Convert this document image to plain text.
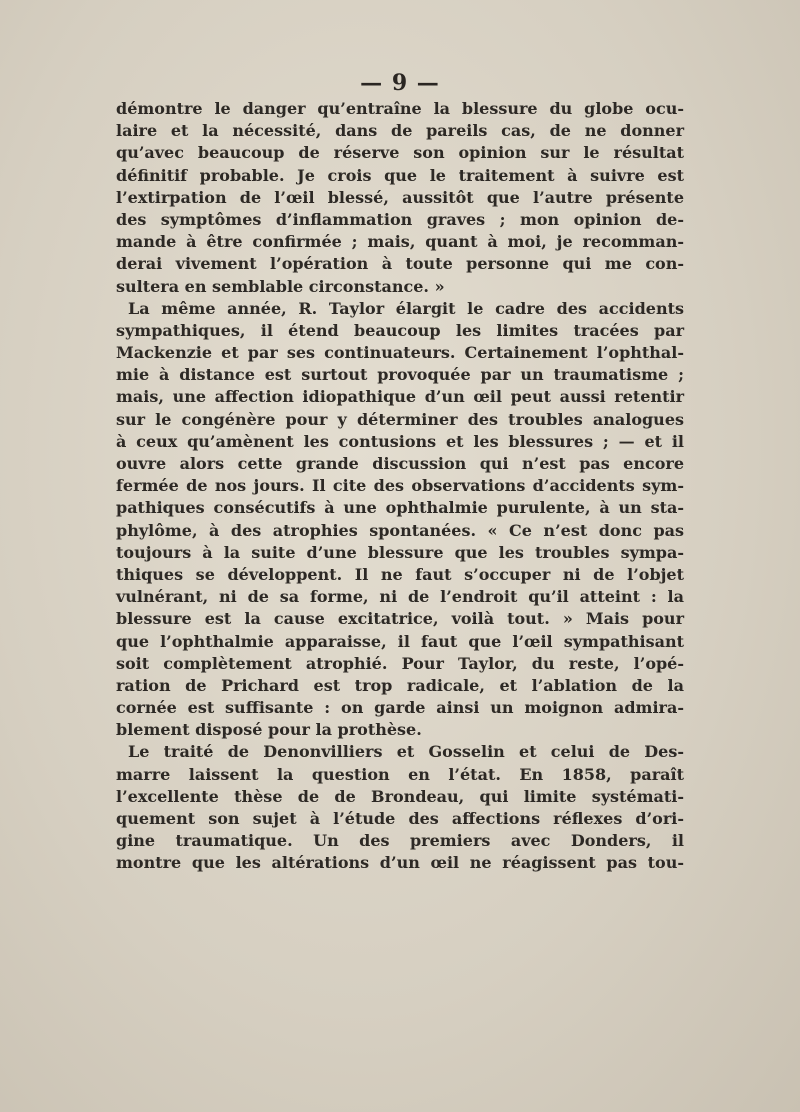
— 9 —
démontre le danger qu’entraîne la blessure du globe ocu-
laire et la nécessité, dans de pareils cas, de ne donner
qu’avec beaucoup de réserve son opinion sur le résultat
définitif probable. Je crois que le traitement à suivre est
l’extirpation de l’œil blessé, aussitôt que l’autre présente
des symptômes d’inflammation graves ; mon opinion de-
mande à être confirmée ; mais, quant à moi, je recomman-
derai vivement l’opération à toute personne qui me con-
sultera en semblable circonstance. »
La même année, R. Taylor élargit le cadre des accidents
sympathiques, il étend beaucoup les limites tracées par
Mackenzie et par ses continuateurs. Certainement l’ophthal-
mie à distance est surtout provoquée par un traumatisme ;
mais, une affection idiopathique d’un œil peut aussi retentir
sur le congénère pour y déterminer des troubles analogues
à ceux qu’amènent les contusions et les blessures ; — et il
ouvre alors cette grande discussion qui n’est pas encore
fermée de nos jours. Il cite des observations d’accidents sym-
pathiques consécutifs à une ophthalmie purulente, à un sta-
phylôme, à des atrophies spontanées. « Ce n’est donc pas
toujours à la suite d’une blessure que les troubles sympa-
thiques se développent. Il ne faut s’occuper ni de l’objet
vulnérant, ni de sa forme, ni de l’endroit qu’il atteint : la
blessure est la cause excitatrice, voilà tout. » Mais pour
que l’ophthalmie apparaisse, il faut que l’œil sympathisant
soit complètement atrophié. Pour Taylor, du reste, l’opé-
ration de Prichard est trop radicale, et l’ablation de la
cornée est suffisante : on garde ainsi un moignon admira-
blement disposé pour la prothèse.
Le traité de Denonvilliers et Gosselin et celui de Des-
marre laissent la question en l’état. En 1858, paraît
l’excellente thèse de de Brondeau, qui limite systémati-
quement son sujet à l’étude des affections réflexes d’ori-
gine traumatique. Un des premiers avec Donders, il
montre que les altérations d’un œil ne réagissent pas tou-
